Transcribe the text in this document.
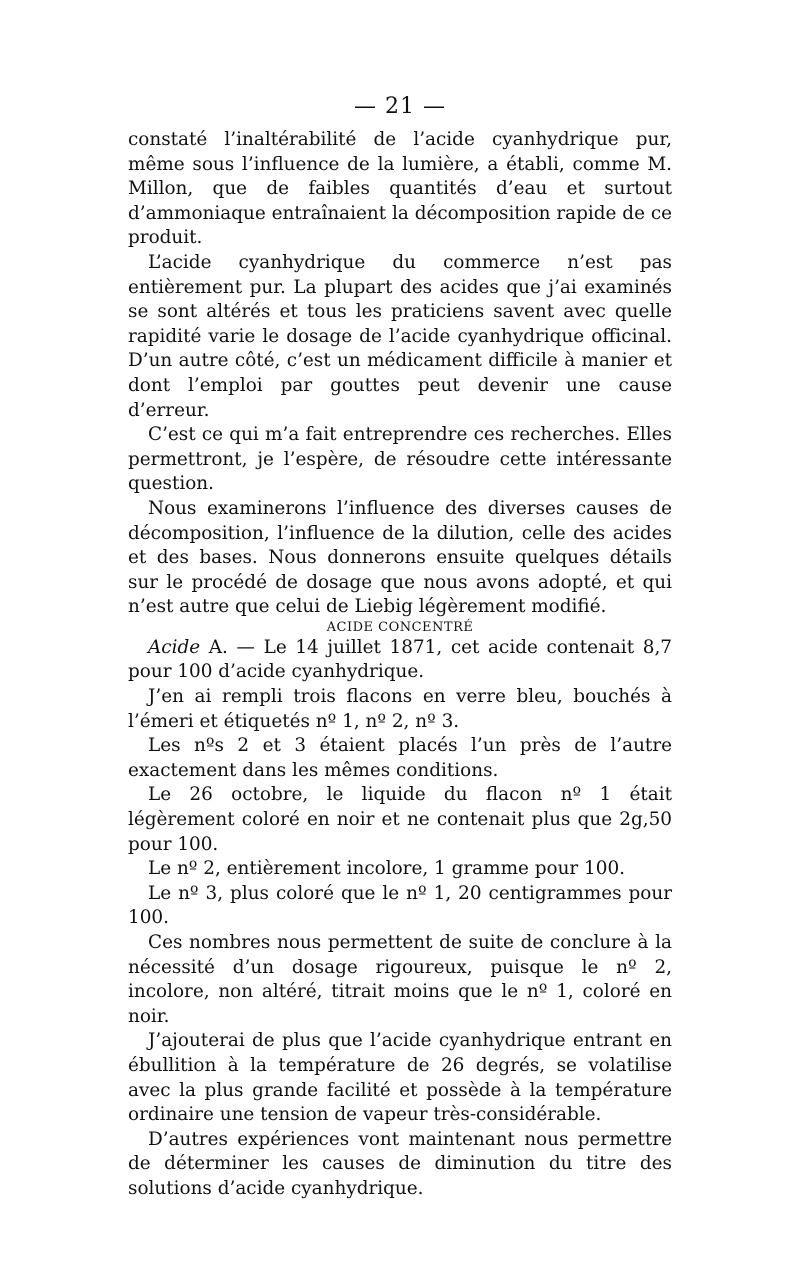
— 21 —

constaté l’inaltérabilité de l’acide cyanhydrique pur, même sous l’influence de la lumière, a établi, comme M. Millon, que de faibles quantités d’eau et surtout d’ammoniaque entraînaient la décomposition rapide de ce produit.

L’acide cyanhydrique du commerce n’est pas entièrement pur. La plupart des acides que j’ai examinés se sont altérés et tous les praticiens savent avec quelle rapidité varie le dosage de l’acide cyanhydrique officinal. D’un autre côté, c’est un médicament difficile à manier et dont l’emploi par gouttes peut devenir une cause d’erreur.

C’est ce qui m’a fait entreprendre ces recherches. Elles permettront, je l’espère, de résoudre cette intéressante question.

Nous examinerons l’influence des diverses causes de décomposition, l’influence de la dilution, celle des acides et des bases. Nous donnerons ensuite quelques détails sur le procédé de dosage que nous avons adopté, et qui n’est autre que celui de Liebig légèrement modifié.

ACIDE CONCENTRÉ

Acide A. — Le 14 juillet 1871, cet acide contenait 8,7 pour 100 d’acide cyanhydrique.

J’en ai rempli trois flacons en verre bleu, bouchés à l’émeri et étiquetés nº 1, nº 2, nº 3.

Les nºs 2 et 3 étaient placés l’un près de l’autre exactement dans les mêmes conditions.

Le 26 octobre, le liquide du flacon nº 1 était légèrement coloré en noir et ne contenait plus que 2g,50 pour 100.

Le nº 2, entièrement incolore, 1 gramme pour 100.

Le nº 3, plus coloré que le nº 1, 20 centigrammes pour 100.

Ces nombres nous permettent de suite de conclure à la nécessité d’un dosage rigoureux, puisque le nº 2, incolore, non altéré, titrait moins que le nº 1, coloré en noir.

J’ajouterai de plus que l’acide cyanhydrique entrant en ébullition à la température de 26 degrés, se volatilise avec la plus grande facilité et possède à la température ordinaire une tension de vapeur très-considérable.

D’autres expériences vont maintenant nous permettre de déterminer les causes de diminution du titre des solutions d’acide cyanhydrique.
